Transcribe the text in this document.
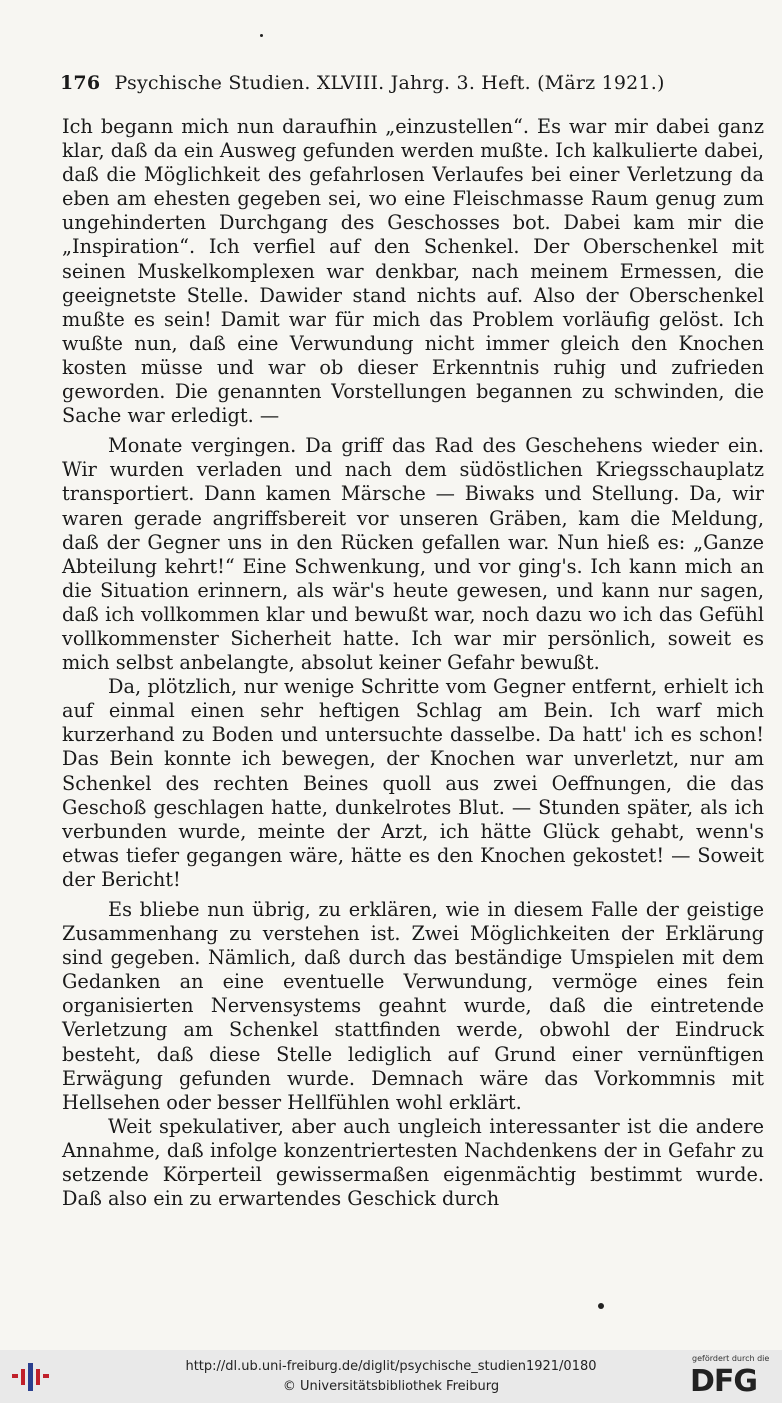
176 Psychische Studien. XLVIII. Jahrg. 3. Heft. (März 1921.)

Ich begann mich nun daraufhin „einzustellen“. Es war mir dabei ganz klar, daß da ein Ausweg gefunden werden mußte. Ich kalkulierte dabei, daß die Möglichkeit des gefahrlosen Verlaufes bei einer Verletzung da eben am ehesten gegeben sei, wo eine Fleischmasse Raum genug zum ungehinderten Durchgang des Geschosses bot. Dabei kam mir die „Inspiration“. Ich verfiel auf den Schenkel. Der Oberschenkel mit seinen Muskelkomplexen war denkbar, nach meinem Ermessen, die geeignetste Stelle. Dawider stand nichts auf. Also der Oberschenkel mußte es sein! Damit war für mich das Problem vorläufig gelöst. Ich wußte nun, daß eine Verwundung nicht immer gleich den Knochen kosten müsse und war ob dieser Erkenntnis ruhig und zufrieden geworden. Die genannten Vorstellungen begannen zu schwinden, die Sache war erledigt. —

Monate vergingen. Da griff das Rad des Geschehens wieder ein. Wir wurden verladen und nach dem südöstlichen Kriegsschauplatz transportiert. Dann kamen Märsche — Biwaks und Stellung. Da, wir waren gerade angriffsbereit vor unseren Gräben, kam die Meldung, daß der Gegner uns in den Rücken gefallen war. Nun hieß es: „Ganze Abteilung kehrt!“ Eine Schwenkung, und vor ging's. Ich kann mich an die Situation erinnern, als wär's heute gewesen, und kann nur sagen, daß ich vollkommen klar und bewußt war, noch dazu wo ich das Gefühl vollkommenster Sicherheit hatte. Ich war mir persönlich, soweit es mich selbst anbelangte, absolut keiner Gefahr bewußt.

Da, plötzlich, nur wenige Schritte vom Gegner entfernt, erhielt ich auf einmal einen sehr heftigen Schlag am Bein. Ich warf mich kurzerhand zu Boden und untersuchte dasselbe. Da hatt' ich es schon! Das Bein konnte ich bewegen, der Knochen war unverletzt, nur am Schenkel des rechten Beines quoll aus zwei Oeffnungen, die das Geschoß geschlagen hatte, dunkelrotes Blut. — Stunden später, als ich verbunden wurde, meinte der Arzt, ich hätte Glück gehabt, wenn's etwas tiefer gegangen wäre, hätte es den Knochen gekostet! — Soweit der Bericht!

Es bliebe nun übrig, zu erklären, wie in diesem Falle der geistige Zusammenhang zu verstehen ist. Zwei Möglichkeiten der Erklärung sind gegeben. Nämlich, daß durch das beständige Umspielen mit dem Gedanken an eine eventuelle Verwundung, vermöge eines fein organisierten Nervensystems geahnt wurde, daß die eintretende Verletzung am Schenkel stattfinden werde, obwohl der Eindruck besteht, daß diese Stelle lediglich auf Grund einer vernünftigen Erwägung gefunden wurde. Demnach wäre das Vorkommnis mit Hellsehen oder besser Hellfühlen wohl erklärt.

Weit spekulativer, aber auch ungleich interessanter ist die andere Annahme, daß infolge konzentriertesten Nachdenkens der in Gefahr zu setzende Körperteil gewissermaßen eigenmächtig bestimmt wurde. Daß also ein zu erwartendes Geschick durch

http://dl.ub.uni-freiburg.de/diglit/psychische_studien1921/0180
© Universitätsbibliothek Freiburg
gefördert durch die
DFG
